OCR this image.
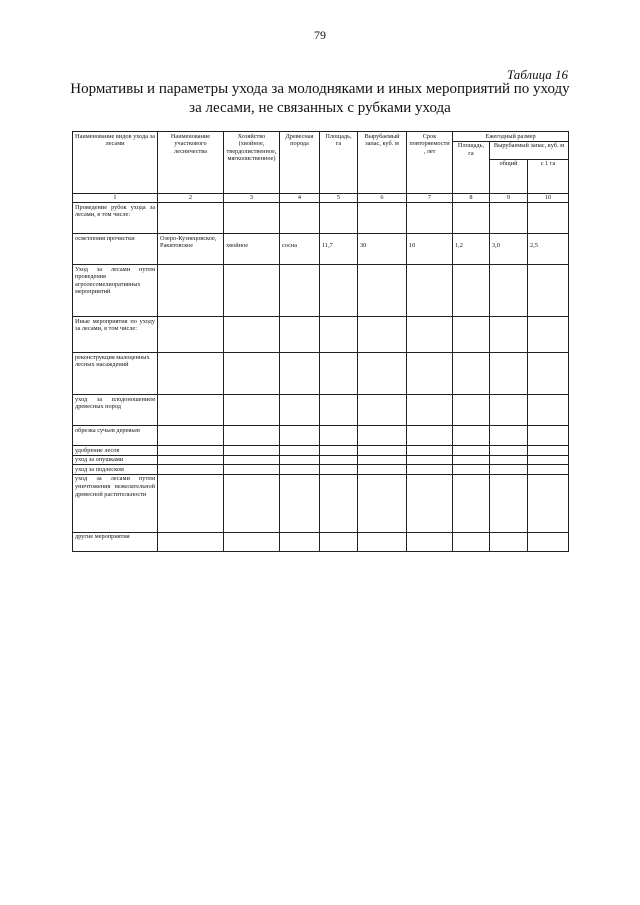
79
Таблица 16
Нормативы и параметры ухода за молодняками и иных мероприятий по уходу за лесами, не связанных с рубками ухода
Наименование видов ухода за лесами	Наименование участкового лесничества	Хозяйство (хвойное, твердолиственное, мягколиственное)	Древесная порода	Площадь, га	Вырубаемый запас, куб. м	Срок повторяемости, лет	Ежегодный размер		
							Площадь, га	Вырубаемый запас, куб. м	
								общий	с 1 га
1	2	3	4	5	6	7	8	9	10
Проведение рубок ухода за лесами, в том числе:									
осветления прочистки	Озеро-Кузнецовское, Ракитовское	хвойное	сосна	11,7	30	10	1,2	3,0	2,5
Уход за лесами путем проведения агролесомелиоративных мероприятий									
Иные мероприятия по уходу за лесами, в том числе:									
реконструкция малоценных лесных насаждений									
уход за плодоношением древесных пород									
обрезка сучьев деревьев									
удобрение лесов									
уход за опушками									
уход за подлеском									
уход за лесами путем уничтожения нежелательной древесной растительности									
другие мероприятия									
